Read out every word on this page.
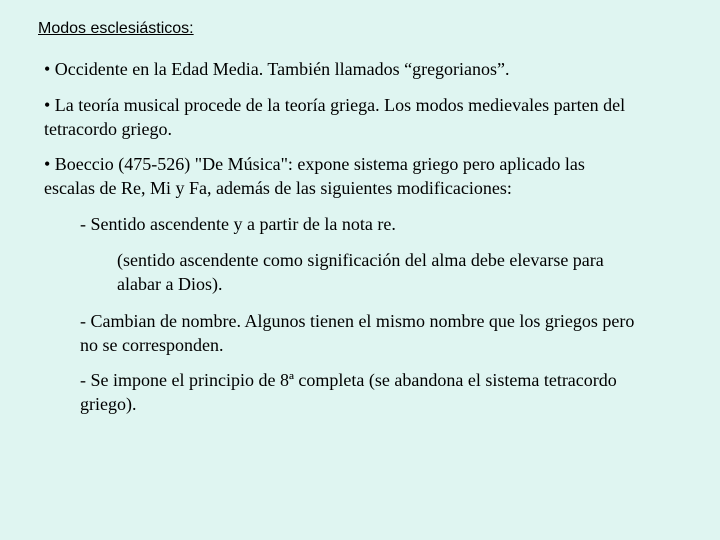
Modos esclesiásticos:

• Occidente en la Edad Media. También llamados “gregorianos”.

• La teoría musical procede de la teoría griega. Los modos medievales parten del
tetracordo griego.

• Boeccio (475-526) "De Música": expone sistema griego pero aplicado las
escalas de Re, Mi y Fa, además de las siguientes modificaciones:

- Sentido ascendente y a partir de la nota re.

(sentido ascendente como significación del alma debe elevarse para
alabar a Dios).

- Cambian de nombre. Algunos tienen el mismo nombre que los griegos pero
no se corresponden.

- Se impone el principio de 8ª completa (se abandona el sistema tetracordo
griego).
